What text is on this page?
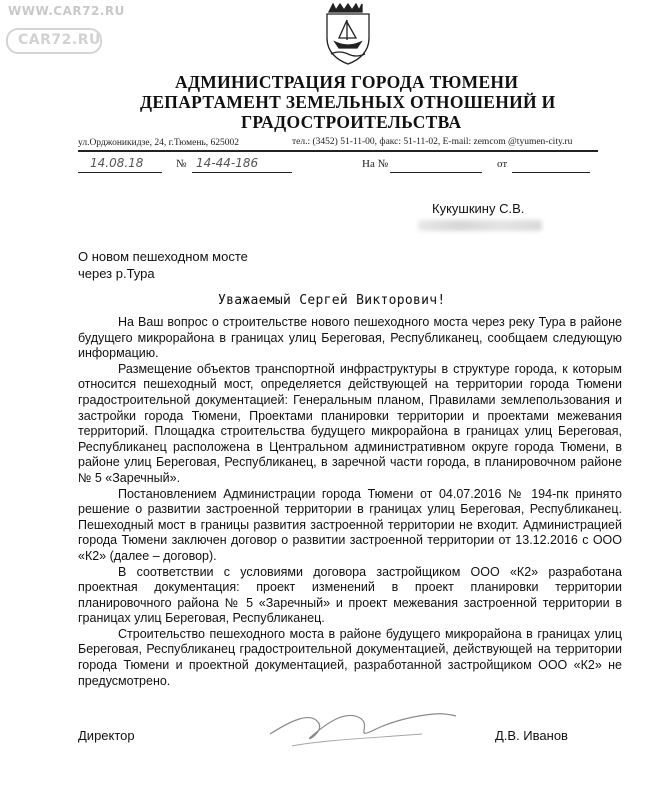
WWW.CAR72.RU
CAR72.RU
АДМИНИСТРАЦИЯ ГОРОДА ТЮМЕНИ
ДЕПАРТАМЕНТ ЗЕМЕЛЬНЫХ ОТНОШЕНИЙ И
ГРАДОСТРОИТЕЛЬСТВА
ул.Орджоникидзе, 24, г.Тюмень, 625002	тел.: (3452) 51-11-00, факс: 51-11-02, E-mail: zemcom @tyumen-city.ru
14.08.18	№ 14-44-186	На №	от
Кукушкину С.В.
О новом пешеходном мосте
через р.Тура
Уважаемый Сергей Викторович!

На Ваш вопрос о строительстве нового пешеходного моста через реку Тура в районе будущего микрорайона в границах улиц Береговая, Республиканец, сообщаем следующую информацию.

Размещение объектов транспортной инфраструктуры в структуре города, к которым относится пешеходный мост, определяется действующей на территории города Тюмени градостроительной документацией: Генеральным планом, Правилами землепользования и застройки города Тюмени, Проектами планировки территории и проектами межевания территорий. Площадка строительства будущего микрорайона в границах улиц Береговая, Республиканец расположена в Центральном административном округе города Тюмени, в районе улиц Береговая, Республиканец, в заречной части города, в планировочном районе № 5 «Заречный».

Постановлением Администрации города Тюмени от 04.07.2016 № 194-пк принято решение о развитии застроенной территории в границах улиц Береговая, Республиканец. Пешеходный мост в границы развития застроенной территории не входит. Администрацией города Тюмени заключен договор о развитии застроенной территории от 13.12.2016 с ООО «К2» (далее – договор).

В соответствии с условиями договора застройщиком ООО «К2» разработана проектная документация: проект изменений в проект планировки территории планировочного района № 5 «Заречный» и проект межевания застроенной территории в границах улиц Береговая, Республиканец.

Строительство пешеходного моста в районе будущего микрорайона в границах улиц Береговая, Республиканец градостроительной документацией, действующей на территории города Тюмени и проектной документацией, разработанной застройщиком ООО «К2» не предусмотрено.

Директор	Д.В. Иванов
